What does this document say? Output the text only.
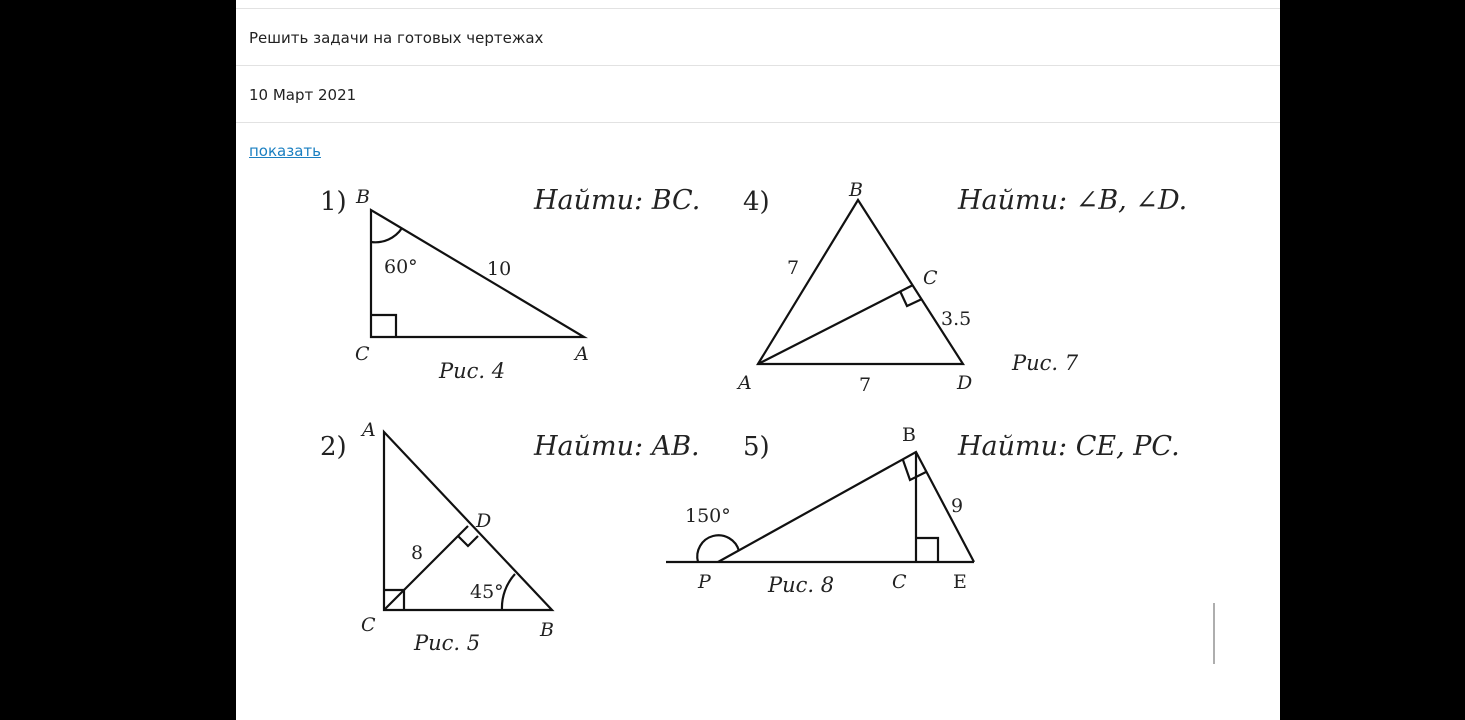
Решить задачи на готовых чертежах
10 Март 2021
показать
1)	Найти: BC.
B
C	A
60°	10
Рис. 4
4)	Найти: ∠B, ∠D.
B
C
A	D
7
3.5
7
Рис. 7
2)	Найти: AB.
A
D
C	B
8
45°
Рис. 5
5)	Найти: CE, PC.
B
P	C E
150°	9
Рис. 8
